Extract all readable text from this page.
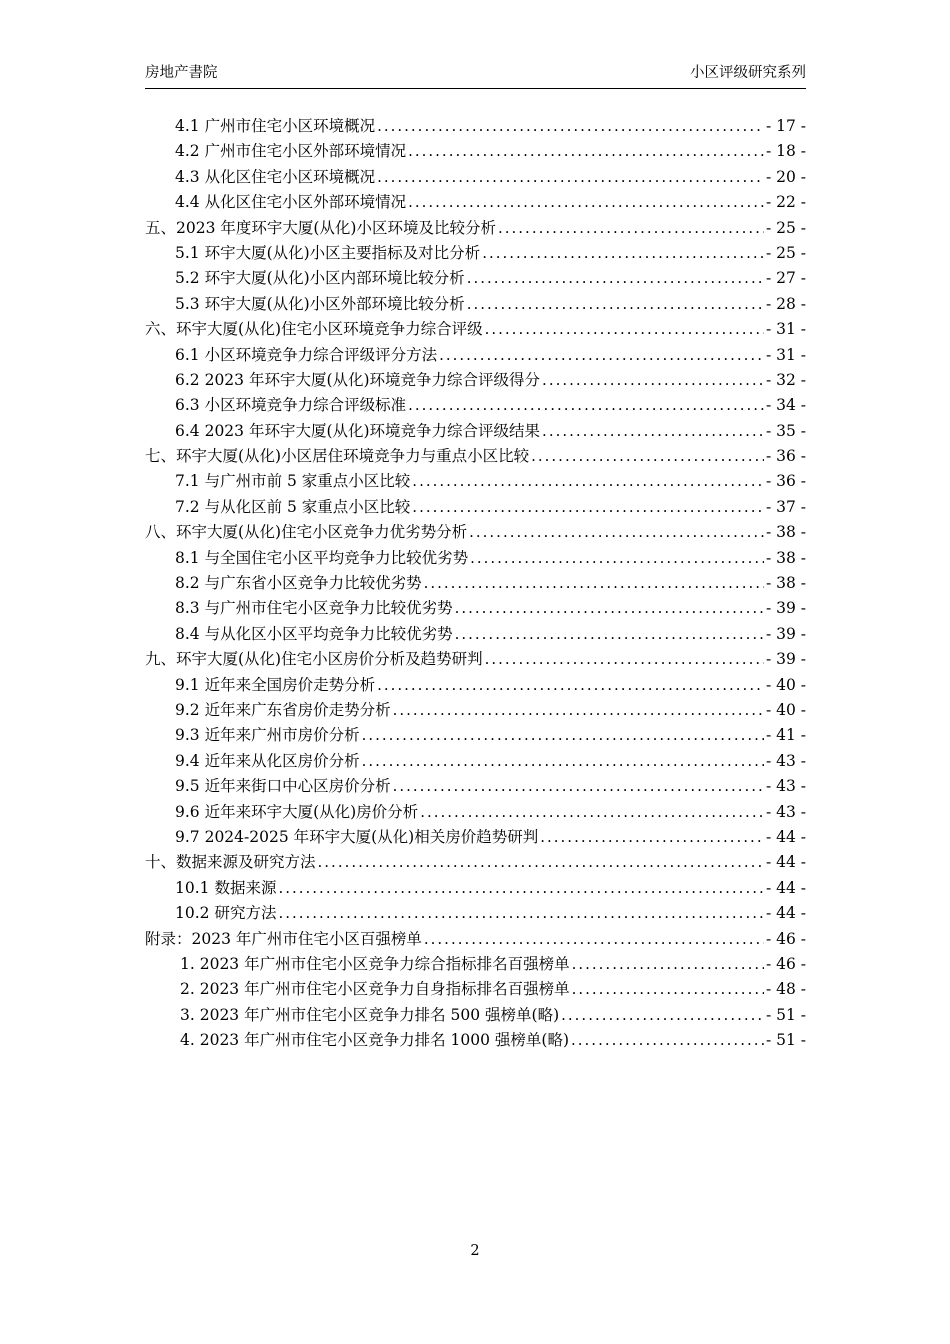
房地产書院	小区评级研究系列
4.1 广州市住宅小区环境概况 .....	- 17 -
4.2 广州市住宅小区外部环境情况 .....	- 18 -
4.3 从化区住宅小区环境概况 .....	- 20 -
4.4 从化区住宅小区外部环境情况 .....	- 22 -
五、2023 年度环宇大厦(从化)小区环境及比较分析 .....	- 25 -
5.1 环宇大厦(从化)小区主要指标及对比分析 .....	- 25 -
5.2 环宇大厦(从化)小区内部环境比较分析 .....	- 27 -
5.3 环宇大厦(从化)小区外部环境比较分析 .....	- 28 -
六、环宇大厦(从化)住宅小区环境竞争力综合评级 .....	- 31 -
6.1 小区环境竞争力综合评级评分方法 .....	- 31 -
6.2 2023 年环宇大厦(从化)环境竞争力综合评级得分 .....	- 32 -
6.3 小区环境竞争力综合评级标准 .....	- 34 -
6.4 2023 年环宇大厦(从化)环境竞争力综合评级结果 .....	- 35 -
七、环宇大厦(从化)小区居住环境竞争力与重点小区比较 .....	- 36 -
7.1 与广州市前 5 家重点小区比较 .....	- 36 -
7.2 与从化区前 5 家重点小区比较 .....	- 37 -
八、环宇大厦(从化)住宅小区竞争力优劣势分析 .....	- 38 -
8.1 与全国住宅小区平均竞争力比较优劣势 .....	- 38 -
8.2 与广东省小区竞争力比较优劣势 .....	- 38 -
8.3 与广州市住宅小区竞争力比较优劣势 .....	- 39 -
8.4 与从化区小区平均竞争力比较优劣势 .....	- 39 -
九、环宇大厦(从化)住宅小区房价分析及趋势研判 .....	- 39 -
9.1 近年来全国房价走势分析 .....	- 40 -
9.2 近年来广东省房价走势分析 .....	- 40 -
9.3 近年来广州市房价分析 .....	- 41 -
9.4 近年来从化区房价分析 .....	- 43 -
9.5 近年来街口中心区房价分析 .....	- 43 -
9.6 近年来环宇大厦(从化)房价分析 .....	- 43 -
9.7 2024-2025 年环宇大厦(从化)相关房价趋势研判 .....	- 44 -
十、数据来源及研究方法 .....	- 44 -
10.1 数据来源 .....	- 44 -
10.2 研究方法 .....	- 44 -
附录：2023 年广州市住宅小区百强榜单 .....	- 46 -
1. 2023 年广州市住宅小区竞争力综合指标排名百强榜单 .....	- 46 -
2. 2023 年广州市住宅小区竞争力自身指标排名百强榜单 .....	- 48 -
3. 2023 年广州市住宅小区竞争力排名 500 强榜单(略) .....	- 51 -
4. 2023 年广州市住宅小区竞争力排名 1000 强榜单(略) .....	- 51 -
2
